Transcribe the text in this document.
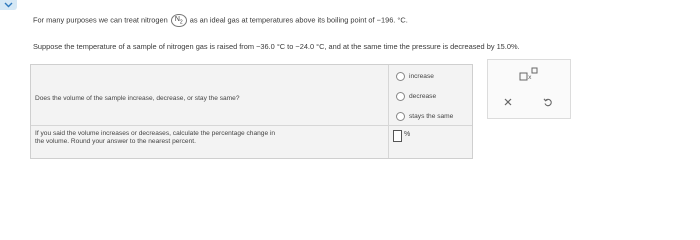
For many purposes we can treat nitrogen $N_2$ as an ideal gas at temperatures above its boiling point of −196. °C.
Suppose the temperature of a sample of nitrogen gas is raised from −36.0 °C to −24.0 °C, and at the same time the pressure is decreased by 15.0%.
Does the volume of the sample increase, decrease, or stay the same?
increase
decrease
stays the same
If you said the volume increases or decreases, calculate the percentage change in
the volume. Round your answer to the nearest percent.
%
x
